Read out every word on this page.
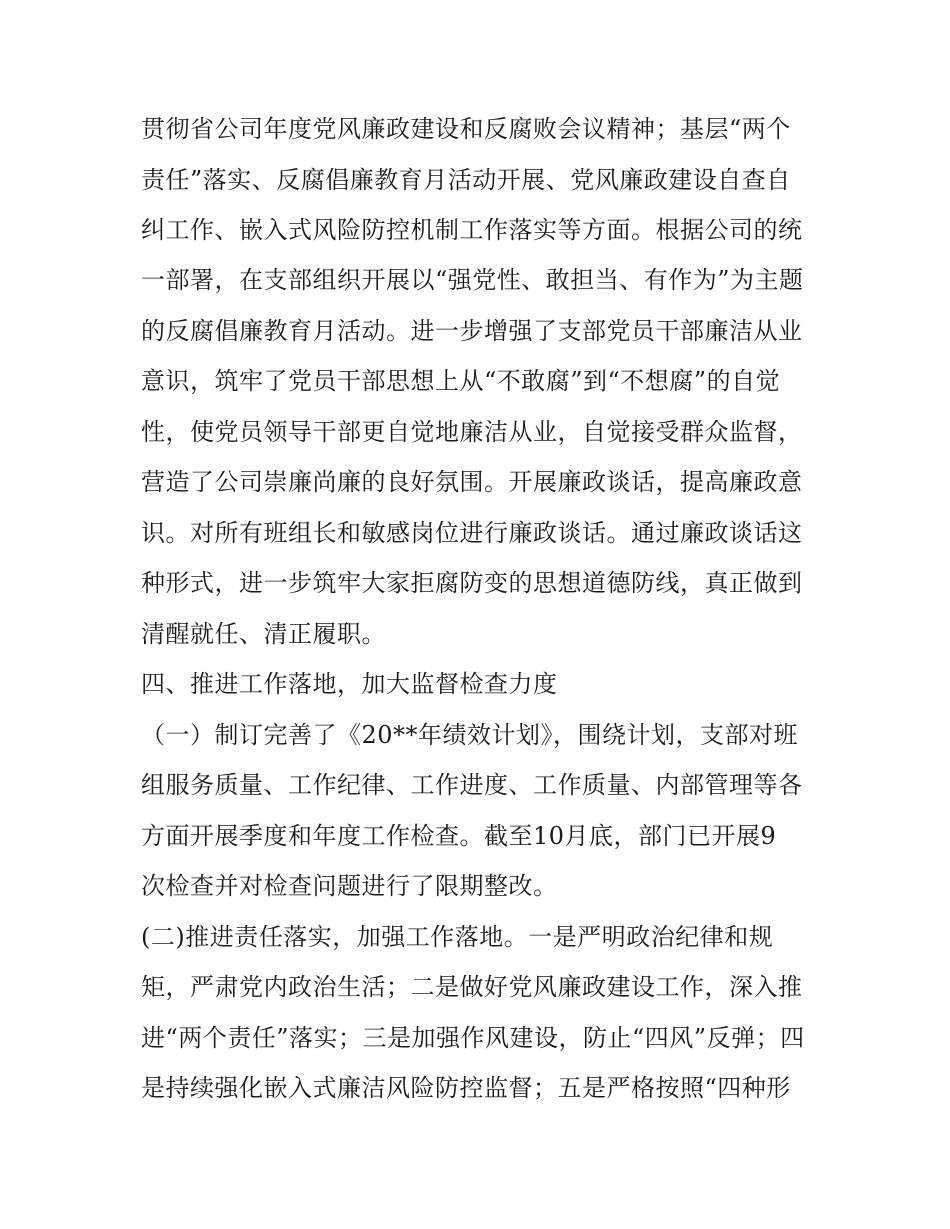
贯彻省公司年度党风廉政建设和反腐败会议精神；基层“两个
责任”落实、反腐倡廉教育月活动开展、党风廉政建设自查自
纠工作、嵌入式风险防控机制工作落实等方面。根据公司的统
一部署，在支部组织开展以“强党性、敢担当、有作为”为主题
的反腐倡廉教育月活动。进一步增强了支部党员干部廉洁从业
意识，筑牢了党员干部思想上从“不敢腐”到“不想腐”的自觉
性，使党员领导干部更自觉地廉洁从业，自觉接受群众监督，
营造了公司崇廉尚廉的良好氛围。开展廉政谈话，提高廉政意
识。对所有班组长和敏感岗位进行廉政谈话。通过廉政谈话这
种形式，进一步筑牢大家拒腐防变的思想道德防线，真正做到
清醒就任、清正履职。
四、推进工作落地，加大监督检查力度
（一）制订完善了《20**年绩效计划》，围绕计划，支部对班
组服务质量、工作纪律、工作进度、工作质量、内部管理等各
方面开展季度和年度工作检查。截至10月底，部门已开展9
次检查并对检查问题进行了限期整改。
(二)推进责任落实，加强工作落地。一是严明政治纪律和规
矩，严肃党内政治生活；二是做好党风廉政建设工作，深入推
进“两个责任”落实；三是加强作风建设，防止“四风”反弹；四
是持续强化嵌入式廉洁风险防控监督；五是严格按照“四种形
